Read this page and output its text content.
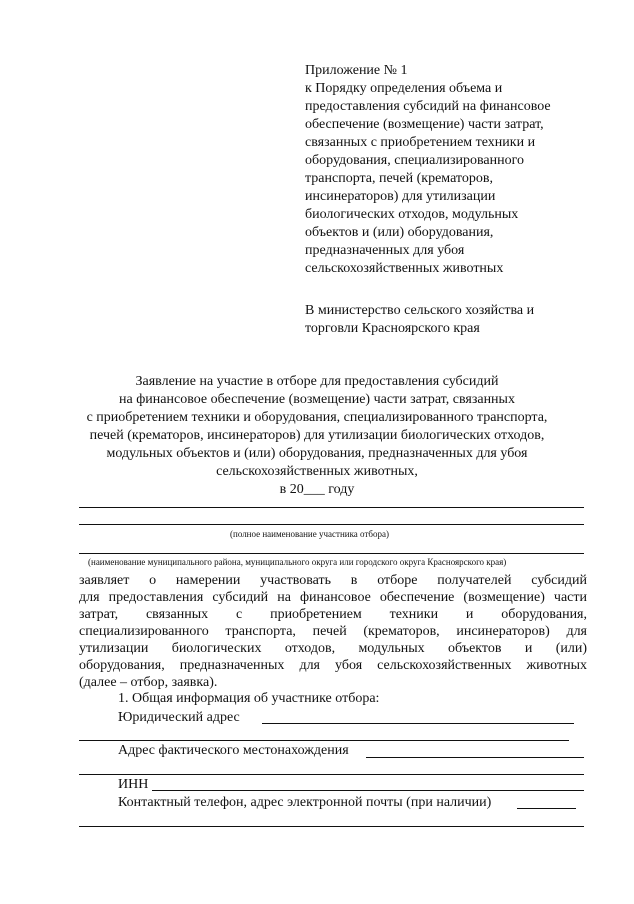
Приложение № 1
к Порядку определения объема и
предоставления субсидий на финансовое
обеспечение (возмещение) части затрат,
связанных с приобретением техники и
оборудования, специализированного
транспорта, печей (крематоров,
инсинераторов) для утилизации
биологических отходов, модульных
объектов и (или) оборудования,
предназначенных для убоя
сельскохозяйственных животных
В министерство сельского хозяйства и
торговли Красноярского края
Заявление на участие в отборе для предоставления субсидий
на финансовое обеспечение (возмещение) части затрат, связанных
с приобретением техники и оборудования, специализированного транспорта,
печей (крематоров, инсинераторов) для утилизации биологических отходов,
модульных объектов и (или) оборудования, предназначенных для убоя
сельскохозяйственных животных,
в 20___ году
(полное наименование участника отбора)
(наименование муниципального района, муниципального округа или городского округа Красноярского края)
заявляет о намерении участвовать в отборе получателей субсидий
для предоставления субсидий на финансовое обеспечение (возмещение) части
затрат, связанных с приобретением техники и оборудования,
специализированного транспорта, печей (крематоров, инсинераторов) для
утилизации биологических отходов, модульных объектов и (или)
оборудования, предназначенных для убоя сельскохозяйственных животных
(далее – отбор, заявка).
1. Общая информация об участнике отбора:
Юридический адрес
Адрес фактического местонахождения
ИНН
Контактный телефон, адрес электронной почты (при наличии)
